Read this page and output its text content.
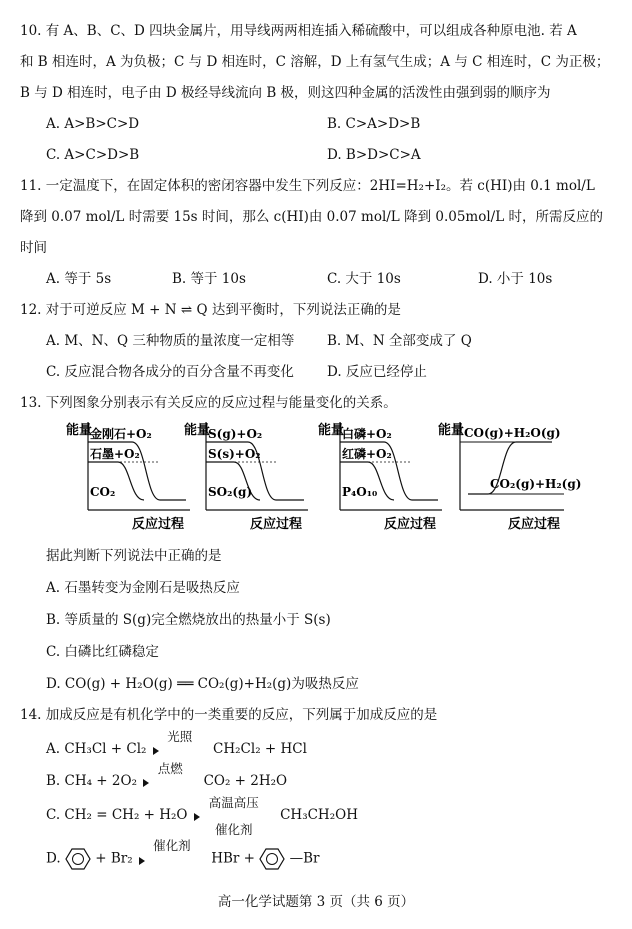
10. 有 A、B、C、D 四块金属片，用导线两两相连插入稀硫酸中，可以组成各种原电池. 若 A
和 B 相连时，A 为负极；C 与 D 相连时，C 溶解，D 上有氢气生成；A 与 C 相连时，C 为正极；
B 与 D 相连时，电子由 D 极经导线流向 B 极，则这四种金属的活泼性由强到弱的顺序为
A. A>B>C>D	B. C>A>D>B
C. A>C>D>B	D. B>D>C>A
11. 一定温度下，在固定体积的密闭容器中发生下列反应：2HI=H₂+I₂。若 c(HI)由 0.1 mol/L
降到 0.07 mol/L 时需要 15s 时间，那么 c(HI)由 0.07 mol/L 降到 0.05mol/L 时，所需反应的
时间
A. 等于 5s	B. 等于 10s	C. 大于 10s	D. 小于 10s
12. 对于可逆反应 M + N ⇌ Q 达到平衡时，下列说法正确的是
A. M、N、Q 三种物质的量浓度一定相等 B. M、N 全部变成了 Q
C. 反应混合物各成分的百分含量不再变化 D. 反应已经停止
13. 下列图象分别表示有关反应的反应过程与能量变化的关系。
能量
金刚石+O₂
石墨+O₂
CO₂
反应过程
能量
S(g)+O₂
S(s)+O₂
SO₂(g)
反应过程
能量
白磷+O₂
红磷+O₂
P₄O₁₀
反应过程
能量 CO(g)+H₂O(g)
CO₂(g)+H₂(g)
反应过程
据此判断下列说法中正确的是
A. 石墨转变为金刚石是吸热反应
B. 等质量的 S(g)完全燃烧放出的热量小于 S(s)
C. 白磷比红磷稳定
D. CO(g) + H₂O(g) ══ CO₂(g)+H₂(g)为吸热反应
14. 加成反应是有机化学中的一类重要的反应，下列属于加成反应的是
A. CH₃Cl + Cl₂
光照
CH₂Cl₂ + HCl
B. CH₄ + 2O₂
点燃
CO₂ + 2H₂O
C. CH₂ = CH₂ + H₂O
高温高压
催化剂
CH₃CH₂OH
D.	+ Br₂
催化剂
HBr +	—Br
高一化学试题第 3 页（共 6 页）
